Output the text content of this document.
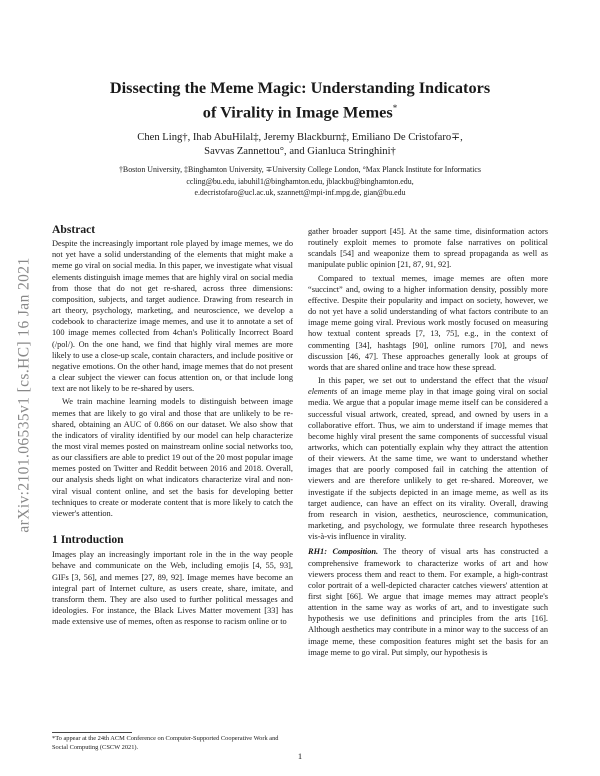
arXiv:2101.06535v1 [cs.HC] 16 Jan 2021
Dissecting the Meme Magic: Understanding Indicators
of Virality in Image Memes*
Chen Ling†, Ihab AbuHilal‡, Jeremy Blackburn‡, Emiliano De Cristofaro∓,
Savvas Zannettou°, and Gianluca Stringhini†
†Boston University, ‡Binghamton University, ∓University College London, °Max Planck Institute for Informatics
ccling@bu.edu, iabuhil1@binghamton.edu, jblackbu@binghamton.edu,
e.decristofaro@ucl.ac.uk, szannett@mpi-inf.mpg.de, gian@bu.edu
Abstract

Despite the increasingly important role played by image memes, we do not yet have a solid understanding of the elements that might make a meme go viral on social media. In this paper, we investigate what visual elements distinguish image memes that are highly viral on social media from those that do not get re-shared, across three dimensions: composition, subjects, and target audience. Drawing from research in art theory, psychology, marketing, and neuroscience, we develop a codebook to characterize image memes, and use it to annotate a set of 100 image memes collected from 4chan's Politically Incorrect Board (/pol/). On the one hand, we find that highly viral memes are more likely to use a close-up scale, contain characters, and include positive or negative emotions. On the other hand, image memes that do not present a clear subject the viewer can focus attention on, or that include long text are not likely to be re-shared by users.

We train machine learning models to distinguish between image memes that are likely to go viral and those that are unlikely to be re-shared, obtaining an AUC of 0.866 on our dataset. We also show that the indicators of virality identified by our model can help characterize the most viral memes posted on mainstream online social networks too, as our classifiers are able to predict 19 out of the 20 most popular image memes posted on Twitter and Reddit between 2016 and 2018. Overall, our analysis sheds light on what indicators characterize viral and non-viral visual content online, and set the basis for developing better techniques to create or moderate content that is more likely to catch the viewer's attention.

1 Introduction

Images play an increasingly important role in the in the way people behave and communicate on the Web, including emojis [4, 55, 93], GIFs [3, 56], and memes [27, 89, 92]. Image memes have become an integral part of Internet culture, as users create, share, imitate, and transform them. They are also used to further political messages and ideologies. For instance, the Black Lives Matter movement [33] has made extensive use of memes, often as response to racism online or to

*To appear at the 24th ACM Conference on Computer-Supported Cooperative Work and Social Computing (CSCW 2021).

gather broader support [45]. At the same time, disinformation actors routinely exploit memes to promote false narratives on political scandals [54] and weaponize them to spread propaganda as well as manipulate public opinion [21, 87, 91, 92].

Compared to textual memes, image memes are often more “succinct” and, owing to a higher information density, possibly more effective. Despite their popularity and impact on society, however, we do not yet have a solid understanding of what factors contribute to an image meme going viral. Previous work mostly focused on measuring how textual content spreads [7, 13, 75], e.g., in the context of commenting [34], hashtags [90], online rumors [70], and news discussion [46, 47]. These approaches generally look at groups of words that are shared online and trace how these spread.

In this paper, we set out to understand the effect that the visual elements of an image meme play in that image going viral on social media. We argue that a popular image meme itself can be considered a successful visual artwork, created, spread, and owned by users in a collaborative effort. Thus, we aim to understand if image memes that become highly viral present the same components of successful visual artworks, which can potentially explain why they attract the attention of their viewers. At the same time, we want to understand whether images that are poorly composed fail in catching the attention of viewers and are therefore unlikely to get re-shared. Moreover, we investigate if the subjects depicted in an image meme, as well as its target audience, can have an effect on its virality. Overall, drawing from research in vision, aesthetics, neuroscience, communication, marketing, and psychology, we formulate three research hypotheses vis-à-vis influence in virality.

RH1: Composition. The theory of visual arts has constructed a comprehensive framework to characterize works of art and how viewers process them and react to them. For example, a high-contrast color portrait of a well-depicted character catches viewers' attention at first sight [66]. We argue that image memes may attract people's attention in the same way as works of art, and to investigate such hypothesis we use definitions and principles from the arts [16]. Although aesthetics may contribute in a minor way to the success of an image meme, these composition features might set the basis for an image meme to go viral. Put simply, our hypothesis is

1
